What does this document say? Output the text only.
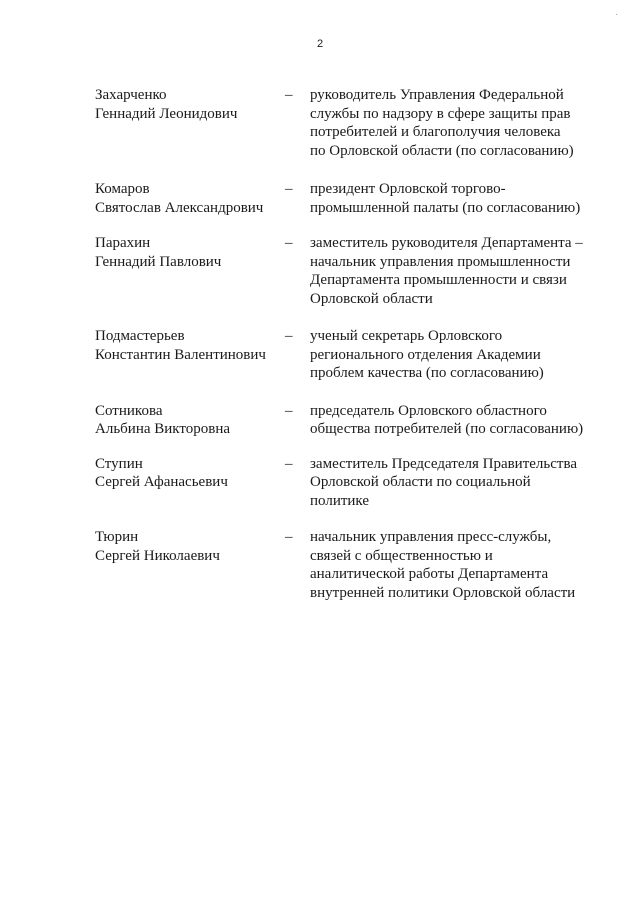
·
2
Захарченко
Геннадий Леонидович
–	руководитель Управления Федеральной
службы по надзору в сфере защиты прав
потребителей и благополучия человека
по Орловской области (по согласованию)
Комаров
Святослав Александрович
–	президент Орловской торгово-
промышленной палаты (по согласованию)
Парахин
Геннадий Павлович
–	заместитель руководителя Департамента –
начальник управления промышленности
Департамента промышленности и связи
Орловской области
Подмастерьев
Константин Валентинович
–	ученый секретарь Орловского
регионального отделения Академии
проблем качества (по согласованию)
Сотникова
Альбина Викторовна
–	председатель Орловского областного
общества потребителей (по согласованию)
Ступин
Сергей Афанасьевич
–	заместитель Председателя Правительства
Орловской области по социальной
политике
Тюрин
Сергей Николаевич
–	начальник управления пресс-службы,
связей с общественностью и
аналитической работы Департамента
внутренней политики Орловской области
